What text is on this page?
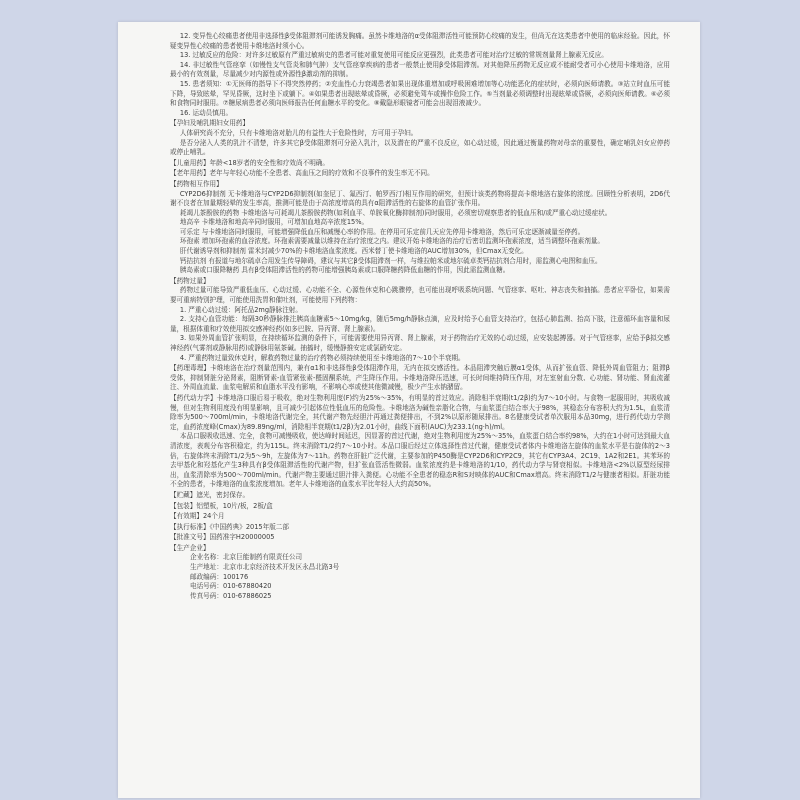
12. 变异性心绞痛患者使用非选择性β受体阻滞剂可能诱发胸痛。虽然卡维地洛的α受体阻滞活性可能预防心绞痛的发生，但尚无在这类患者中使用的临床经验。因此，怀疑变异性心绞痛的患者使用卡维地洛时须小心。
13. 过敏反应的危险：对许多过敏原有严重过敏病史的患者可能对重复使用可能反应更强烈，此类患者可能对治疗过敏的常规剂量肾上腺素无反应。
14. 非过敏性气管痉挛（如慢性支气管炎和肺气肿）支气管痉挛疾病的患者一般禁止使用β受体阻滞剂。对其他降压药物无反应或不能耐受者可小心使用卡维地洛，应用最小的有效剂量，尽量减少对内源性或外源性β激动剂的抑制。
15. 患者须知：①无医师的指导下不得突然停药；②充血性心力衰竭患者如果出现体重增加或呼吸困难增加等心功能恶化的症状时，必须向医师请教。③站立时血压可能下降，导致眩晕，罕见昏厥，这时坐下或躺下。④如果患者出现眩晕或昏厥，必须避免驾车或操作危险工作。⑤当剂量必须调整时出现眩晕或昏厥，必须向医师请教。⑥必须和食物同时服用。⑦糖尿病患者必须向医师报告任何血糖水平的变化。⑧戴隐形眼镜者可能会出现泪液减少。
16. 运动员慎用。
【孕妇及哺乳期妇女用药】
人体研究尚不充分，只有卡维地洛对胎儿的有益性大于危险性时，方可用于孕妇。
是否分泌入人类的乳汁不清楚，许多其它β受体阻滞剂可分泌入乳汁，以及潜在的严重不良反应，如心动过缓，因此通过衡量药物对母亲的重要性，确定哺乳妇女应停药或停止哺乳。
【儿童用药】年龄<18岁者的安全性和疗效尚不明确。
【老年用药】老年与年轻心功能不全患者、高血压之间的疗效和不良事件的发生率无不同。
【药物相互作用】
CYP2D6抑制剂 无卡维地洛与CYP2D6抑制剂(如奎尼丁、氟西汀、帕罗西汀)相互作用的研究，但预计该类药物将提高卡维地洛右旋体的浓度。回顾性分析表明，2D6代谢不良者在加量期轻晕的发生率高，推测可能是由于高浓度增高的具有α阻滞活性的右旋体的血管扩张作用。
耗竭儿茶酚胺的药物 卡维地洛与可耗竭儿茶酚胺药物(如利血平、单胺氧化酶抑制剂)同时服用，必须密切观察患者的低血压和/或严重心动过缓症状。
地高辛 卡维地洛和地高辛同时服用，可增加血地高辛浓度15%。
可乐定 与卡维地洛同时服用，可能增强降低血压和减慢心率的作用。在停用可乐定前几天应先停用卡维地洛，然后可乐定逐渐减量至停药。
环孢素 增加环孢素的血谷浓度。环孢素需要减量以维持在治疗浓度之内。建议开始卡维地洛的治疗后密切监测环孢素浓度，适当调整环孢素剂量。
肝代谢诱导剂和抑制剂 雷米封减少70%的卡维地洛血浆浓度。西米替丁使卡维地洛的AUC增加30%，但Cmax无变化。
钙拮抗剂 有报道与地尔硫卓合用发生传导障碍，建议与其它β受体阻滞剂一样，与维拉帕米或地尔硫卓类钙拮抗剂合用时，需监测心电图和血压。
胰岛素或口服降糖药 具有β受体阻滞活性的药物可能增强胰岛素或口服降糖药降低血糖的作用，因此需监测血糖。
【药物过量】
药物过量可能导致严重低血压、心动过缓、心功能不全、心源性休克和心跳骤停，也可能出现呼吸系统问题、气管痉挛、呕吐、神志丧失和抽搐。患者应平卧位，如果需要可重病特别护理，可能使用洗胃和催吐剂，可能使用下列药物：
1. 严重心动过缓：阿托品2mg静脉注射。
2. 支持心血管功能：每隔30秒静脉推注胰高血糖素5～10mg/kg，随后5mg/h静脉点滴，应及时给予心血管支持治疗，包括心肺监测、抬高下肢，注意循环血容量和尿量，根据体重和疗效使用拟交感神经药(如多巴胺、异丙肾、肾上腺素)。
3. 如果外周血管扩张明显，在持续循环监测的条件下，可能需要使用异丙肾、肾上腺素，对于药物治疗无效的心动过缓，应安装起搏器。对于气管痉挛，应给予β拟交感神经药(气雾剂或静脉用药)或静脉用氨茶碱。抽搐时，缓慢静推安定或氯硝安定。
4. 严重药物过量致休克时，解救药物过量的治疗药物必须持续使用至卡维地洛的7～10个半衰期。
【药理毒理】卡维地洛在治疗剂量范围内，兼有α1和非选择性β受体阻滞作用，无内在拟交感活性。本品阻滞突触后膜α1受体，从而扩张血管、降低外周血管阻力；阻滞β受体，抑制肾脏分泌肾素，阻断肾素-血管紧张素-醛固酮系统，产生降压作用。卡维地洛降压迅速，可长时间维持降压作用，对左室射血分数、心功能、肾功能、肾血流灌注、外周血流量、血浆电解质和血脂水平没有影响，不影响心率或使其他微减慢，极少产生水钠潴留。
【药代动力学】卡维地洛口服后易于吸收，绝对生物利用度(F)约为25%～35%，有明显的首过效应。消除相半衰期(t1/2β)约为7～10小时。与食物一起服用时，其吸收减慢，但对生物利用度没有明显影响，且可减少引起体位性低血压的危险性。卡维地洛为碱性亲脂化合物，与血浆蛋白结合率大于98%，其稳态分布容积大约为1.5L，血浆清除率为500～700ml/min，卡维地洛代谢完全，其代谢产物先经胆汁再通过粪便排出，不到2%以原形随尿排出。8名健康受试者单次服用本品30mg，进行药代动力学测定，血药浓度峰(Cmax)为89.89ng/ml，消除相半衰期(t1/2β)为2.01小时，曲线下面积(AUC)为233.1(ng·h)/ml。
本品口服吸收迅速、完全，食物可减慢吸收，使达峰时间延迟，因显著的首过代谢，绝对生物利用度为25%～35%，血浆蛋白结合率约98%，大约在1小时可达到最大血清浓度，表观分布容积稳定，约为115L。终末消除T1/2约7～10小时。本品口服后经过立体选择性首过代谢，健康受试者体内卡维地洛左旋体的血浆水平是右旋体的2～3倍，右旋体终末消除T1/2为5～9h，左旋体为7～11h。药物在肝脏广泛代谢，主要参加的P450酶是CYP2D6和CYP2C9，其它有CYP3A4、2C19、1A2和2E1。其苯环的去甲基化和羟基化产生3种具有β受体阻滞活性的代谢产物，但扩张血管活性微弱。血浆浓度约是卡维地洛的1/10，药代动力学与肾衰相似。卡维地洛<2%以原型经尿排出，血浆清除率为500～700ml/min。代谢产物主要通过胆汁排入粪便。心功能不全患者的稳态R和S对映体的AUC和Cmax增高。终末消除T1/2与健康者相似。肝脏功能不全的患者，卡维地洛的血浆浓度增加。老年人卡维地洛的血浆水平比年轻人大约高50%。
【贮藏】遮光，密封保存。
【包装】铝塑板，10片/板，2板/盒
【有效期】24个月
【执行标准】《中国药典》2015年版二部
【批准文号】国药准字H20000005
【生产企业】
企业名称：北京巨能制药有限责任公司
生产地址：北京市北京经济技术开发区永昌北路3号
邮政编码：100176
电话号码：010-67880420
传真号码：010-67886025
